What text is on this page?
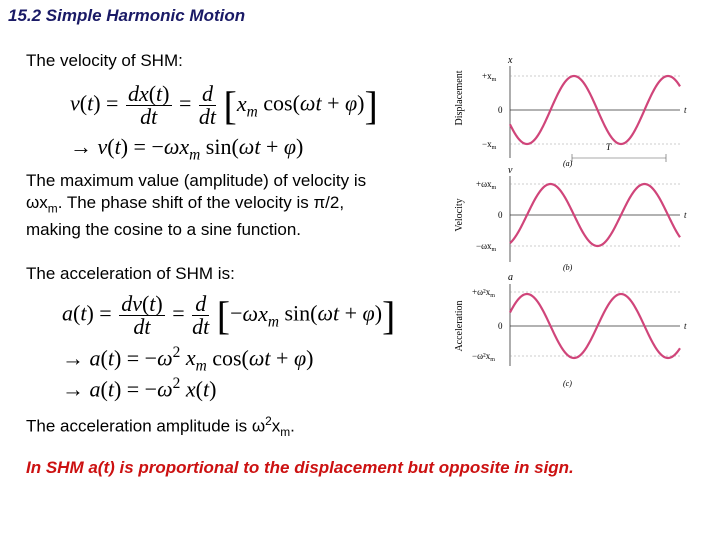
15.2 Simple Harmonic Motion
The velocity of SHM:
$v(t) = \frac{dx(t)}{dt} = \frac{d}{dt} [x_m$ cos(ωt + φ)]
→ $v(t) = -\omega x_m$ sin(ωt + φ)
The maximum value (amplitude) of velocity is
$\omega x_m$. The phase shift of the velocity is π/2,
making the cosine to a sine function.
The acceleration of SHM is:
$a(t) = \frac{dv(t)}{dt} = \frac{d}{dt} [-\omega x_m$ sin(ωt + φ)]
→ $a(t) = -\omega^2$ $x_m$ cos(ωt + φ)
→ $a(t) = -\omega^2$ x(t)
The acceleration amplitude is $\omega^2x_m$.
In SHM a(t) is proportional to the displacement but opposite in sign.
Displacement
x
$+x_m$
0
$-x_m$
t
T
(a)
Velocity
v
$+\omega x_m$
0
$-\omega x_m$
t
(b)
Acceleration
a
$+\omega^2x_m$
0
$-\omega^2x_m$
t
(c)
